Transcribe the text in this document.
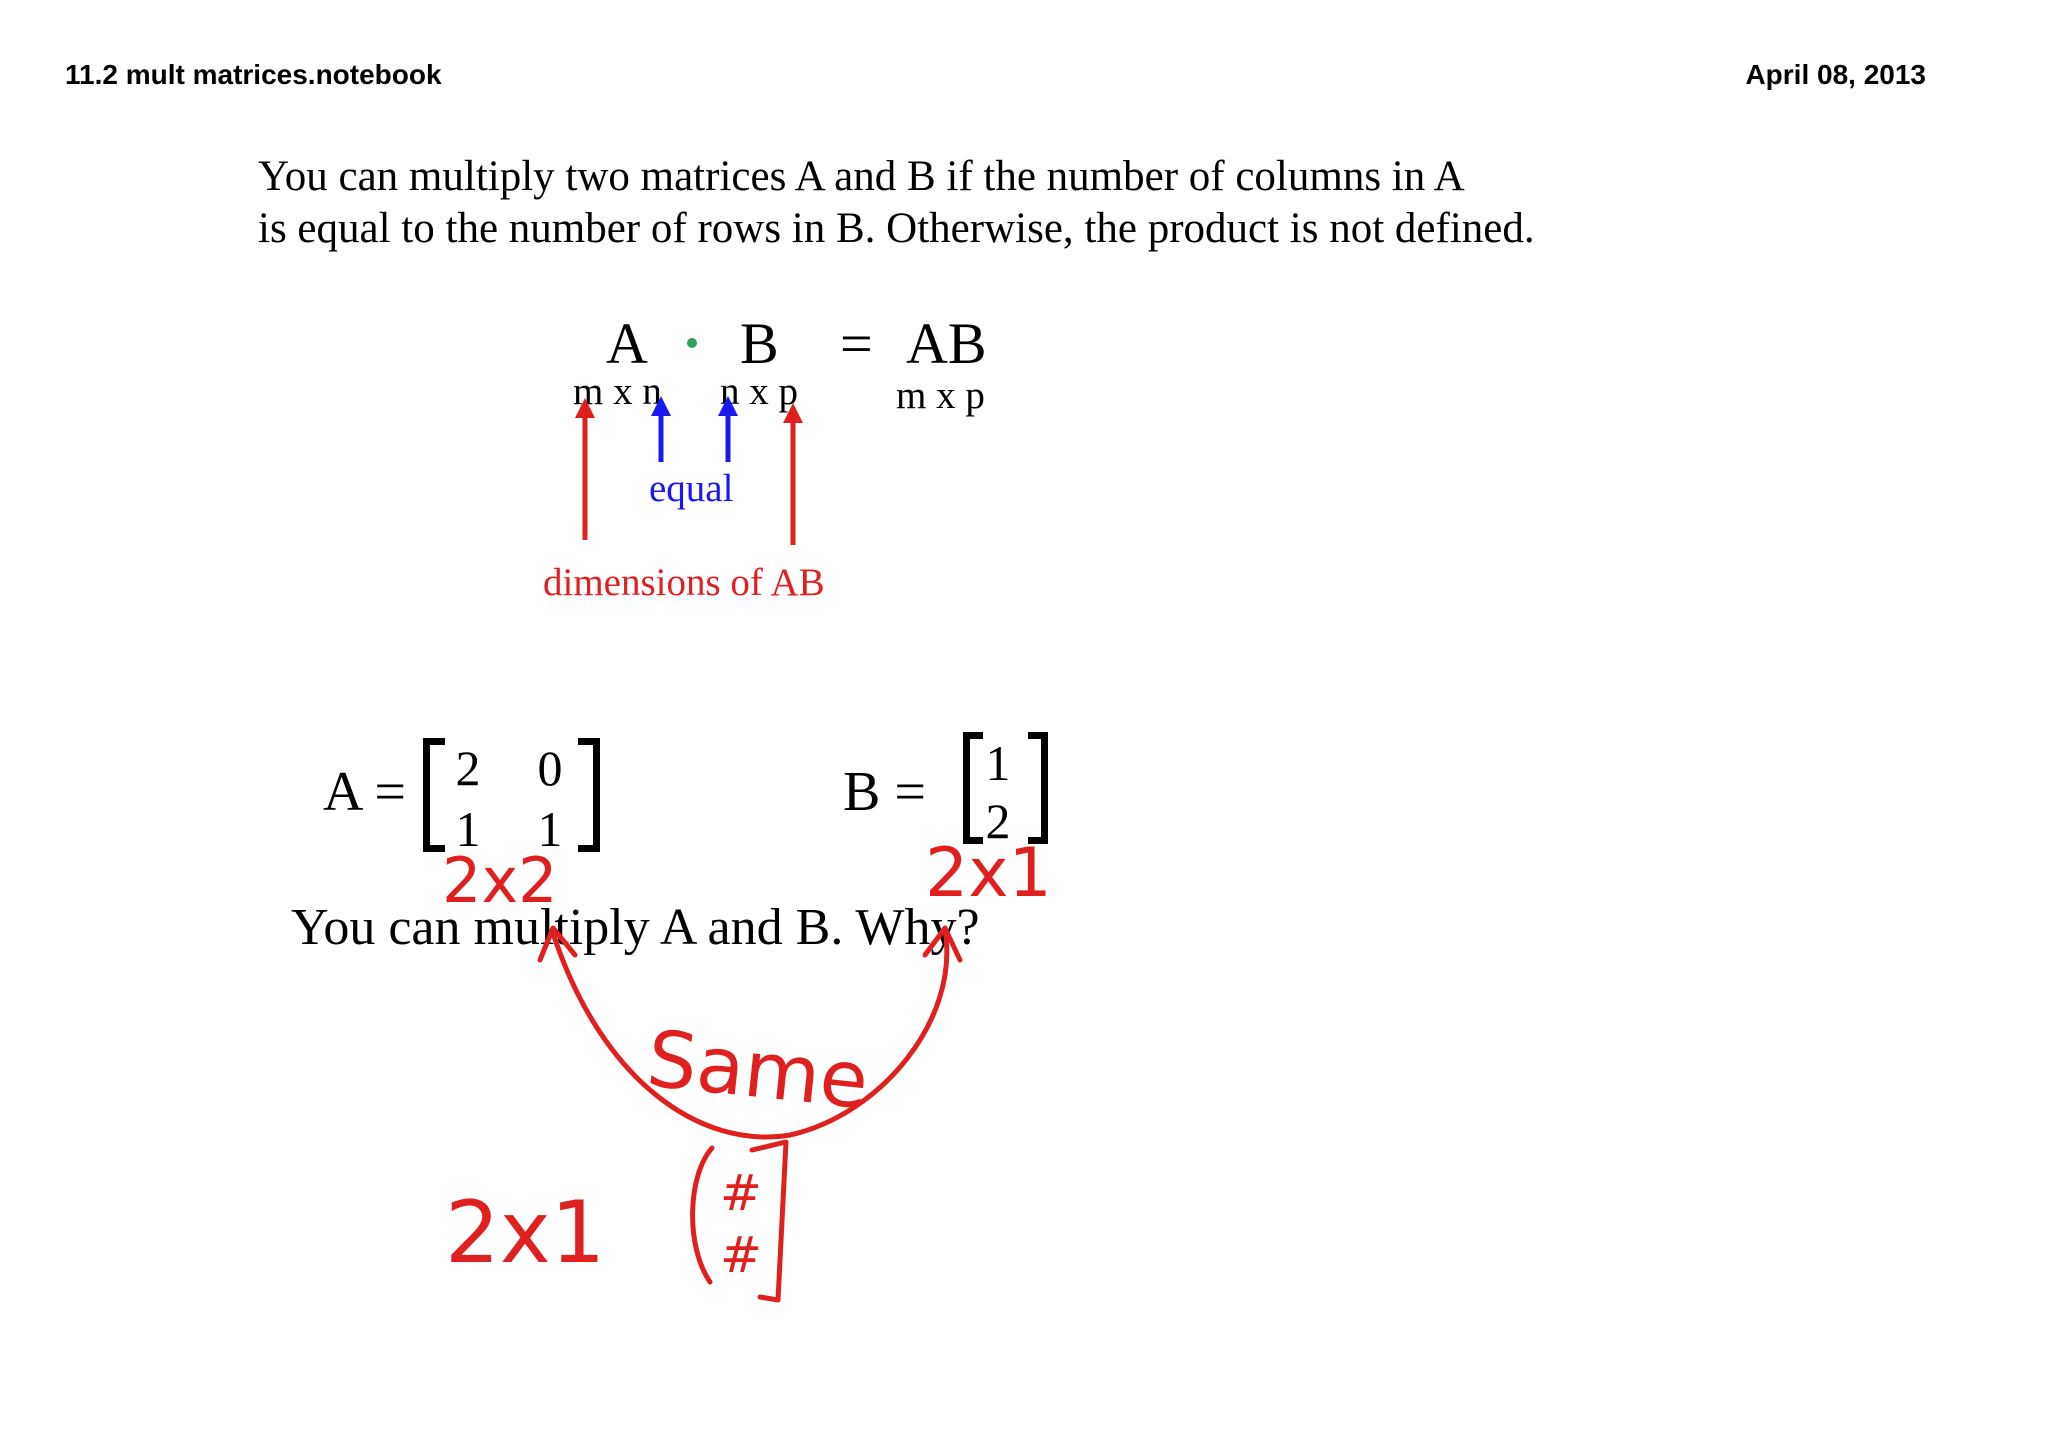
11.2 mult matrices.notebook	April 08, 2013
You can multiply two matrices A and B if the number of columns in A
is equal to the number of rows in B. Otherwise, the product is not defined.
A B = AB
m x n n x p	m x p
equal
dimensions of AB
A = 2 0
1 1
B = 1
2
You can multiply A and B. Why?
2x2	2x1
Same
2x1 #
#
